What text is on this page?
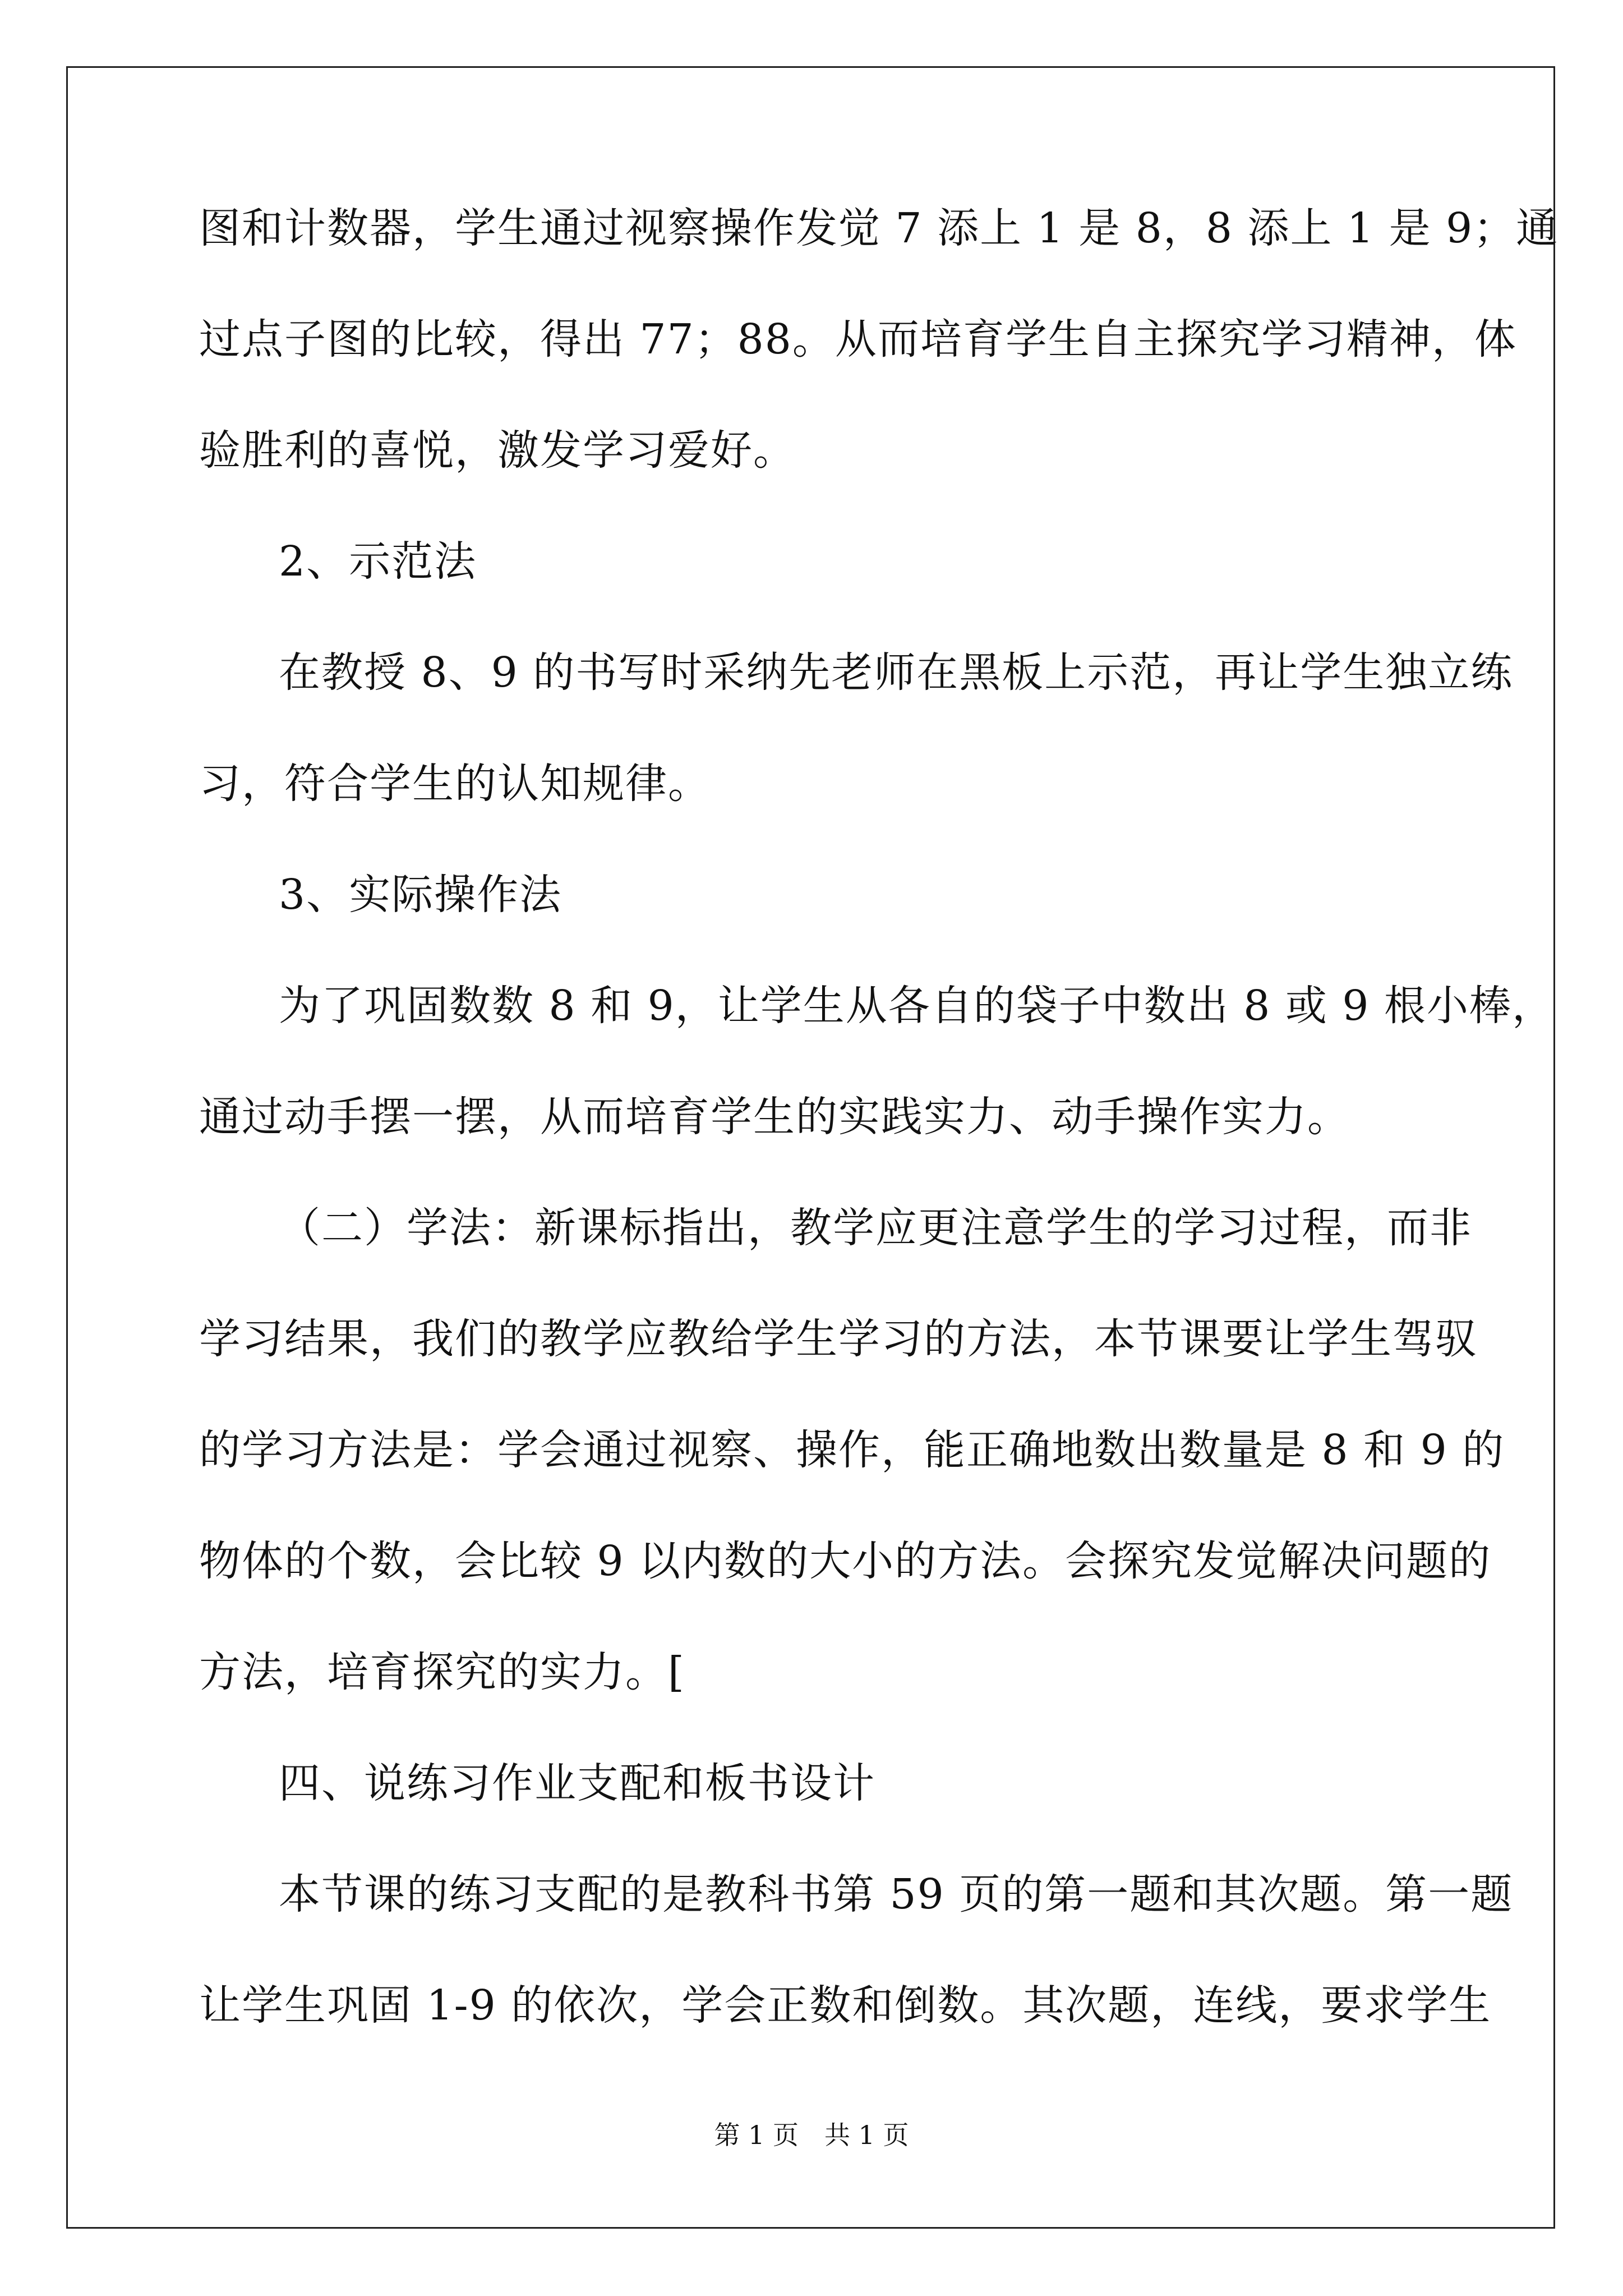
图和计数器，学生通过视察操作发觉 7 添上 1 是 8，8 添上 1 是 9；通
过点子图的比较，得出 77；88。从而培育学生自主探究学习精神，体
验胜利的喜悦，激发学习爱好。
2、示范法
在教授 8、9 的书写时采纳先老师在黑板上示范，再让学生独立练
习，符合学生的认知规律。
3、实际操作法
为了巩固数数 8 和 9，让学生从各自的袋子中数出 8 或 9 根小棒，
通过动手摆一摆，从而培育学生的实践实力、动手操作实力。
（二）学法：新课标指出，教学应更注意学生的学习过程，而非
学习结果，我们的教学应教给学生学习的方法，本节课要让学生驾驭
的学习方法是：学会通过视察、操作，能正确地数出数量是 8 和 9 的
物体的个数，会比较 9 以内数的大小的方法。会探究发觉解决问题的
方法，培育探究的实力。[
四、说练习作业支配和板书设计
本节课的练习支配的是教科书第 59 页的第一题和其次题。第一题
让学生巩固 1-9 的依次，学会正数和倒数。其次题，连线，要求学生
第 1 页　共 1 页
